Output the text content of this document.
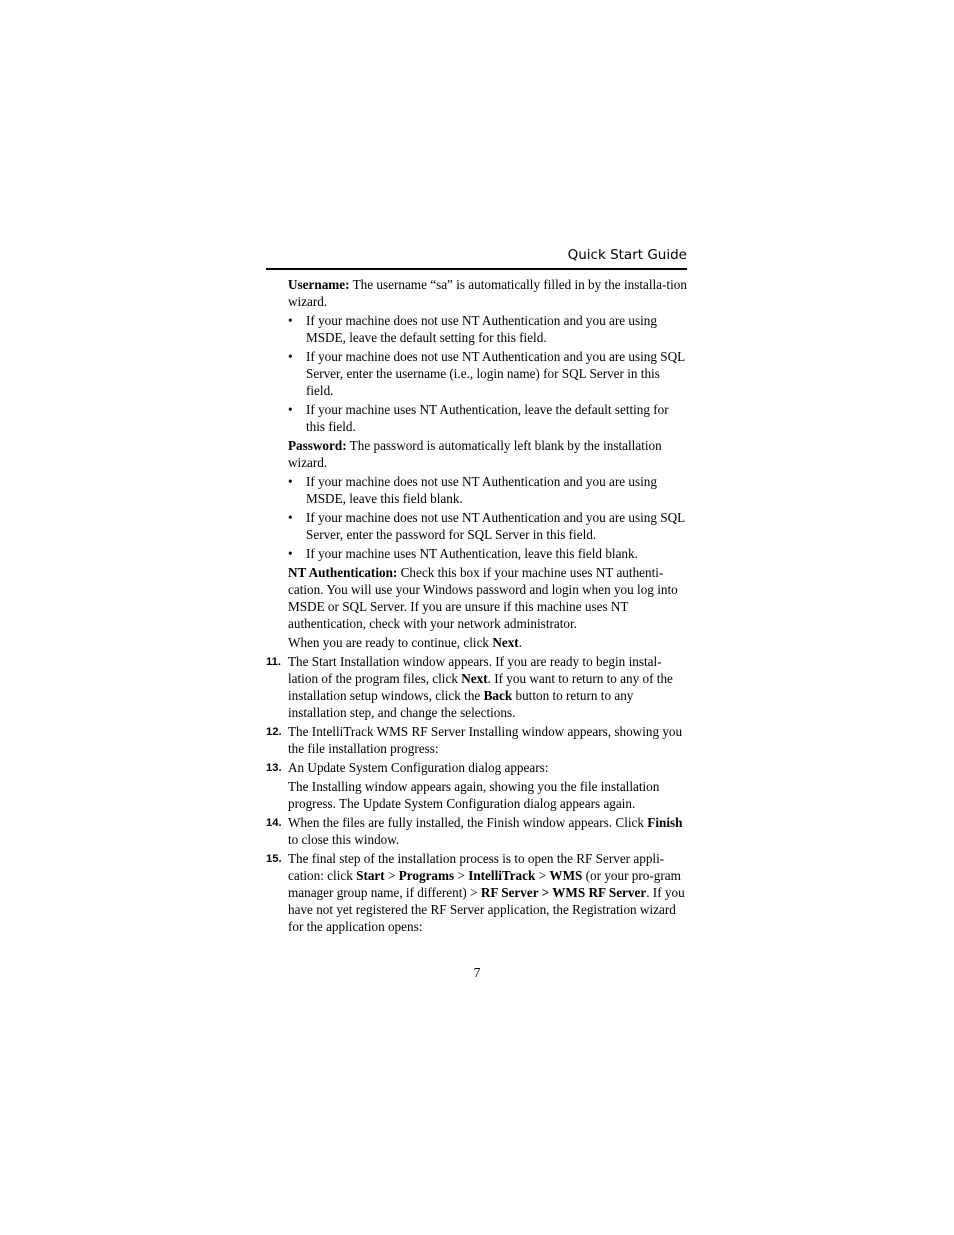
Quick Start Guide

Username: The username “sa” is automatically filled in by the installa-tion wizard.

• If your machine does not use NT Authentication and you are using MSDE, leave the default setting for this field.
• If your machine does not use NT Authentication and you are using SQL Server, enter the username (i.e., login name) for SQL Server in this field.
• If your machine uses NT Authentication, leave the default setting for this field.

Password: The password is automatically left blank by the installation wizard.

• If your machine does not use NT Authentication and you are using MSDE, leave this field blank.
• If your machine does not use NT Authentication and you are using SQL Server, enter the password for SQL Server in this field.
• If your machine uses NT Authentication, leave this field blank.

NT Authentication: Check this box if your machine uses NT authenti-cation. You will use your Windows password and login when you log into MSDE or SQL Server. If you are unsure if this machine uses NT authentication, check with your network administrator.

When you are ready to continue, click Next.

11. The Start Installation window appears. If you are ready to begin instal-lation of the program files, click Next. If you want to return to any of the installation setup windows, click the Back button to return to any installation step, and change the selections.
12. The IntelliTrack WMS RF Server Installing window appears, showing you the file installation progress:
13. An Update System Configuration dialog appears:

The Installing window appears again, showing you the file installation progress. The Update System Configuration dialog appears again.

14. When the files are fully installed, the Finish window appears. Click Finish to close this window.
15. The final step of the installation process is to open the RF Server appli-cation: click Start > Programs > IntelliTrack > WMS (or your pro-gram manager group name, if different) > RF Server > WMS RF Server. If you have not yet registered the RF Server application, the Registration wizard for the application opens:
7
